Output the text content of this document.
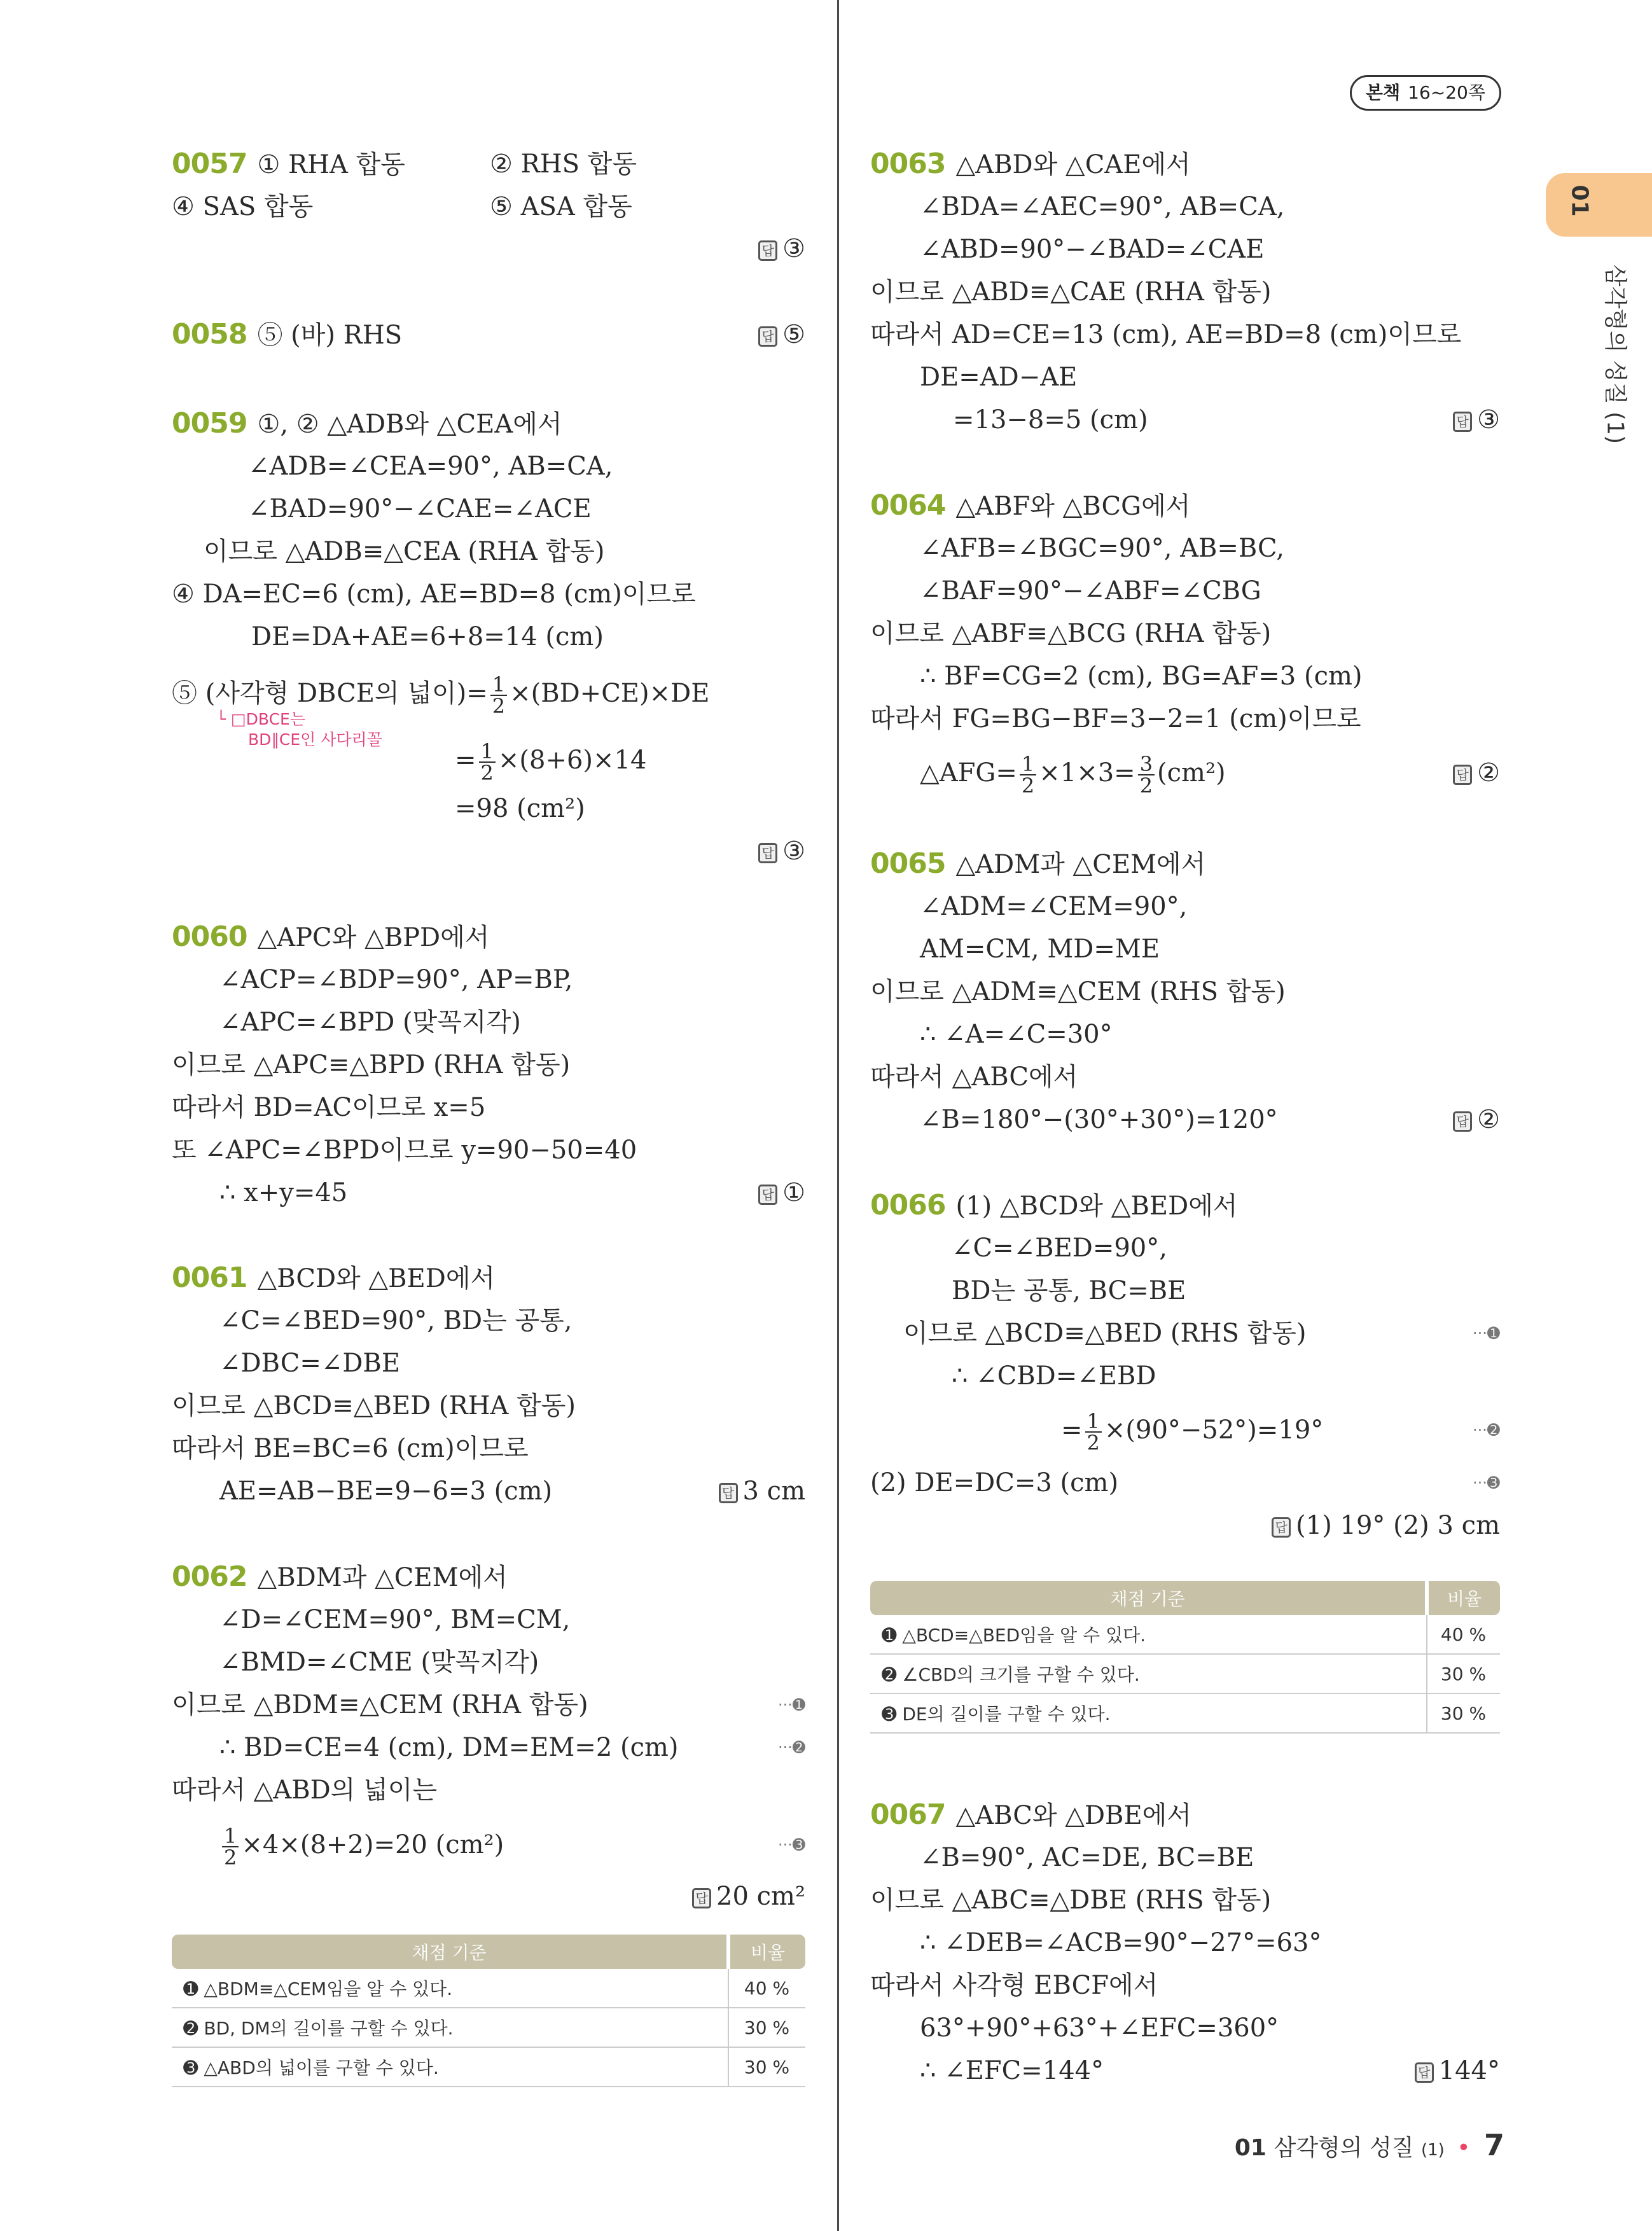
본책 16~20쪽
01
삼각형의 성질 (1)
0057 ① RHA 합동	② RHS 합동
④ SAS 합동	⑤ ASA 합동
답 ③
0058 ⑤ (바) RHS	답 ⑤
0059 ①, ② △ADB와 △CEA에서
∠ADB=∠CEA=90°, AB=CA,
∠BAD=90°−∠CAE=∠ACE
이므로 △ADB≡△CEA (RHA 합동)
④ DA=EC=6 (cm), AE=BD=8 (cm)이므로
DE=DA+AE=6+8=14 (cm)
⑤ (사각형 DBCE의 넓이)= $\frac{1}{2} \times(BD+CE)\times DE$
└ □DBCE는
BD∥CE인 사다리꼴
= $\frac{1}{2} \times(8+6)\times 14$
=98 (cm²)
답 ③
0060 △APC와 △BPD에서
∠ACP=∠BDP=90°, AP=BP,
∠APC=∠BPD (맞꼭지각)
이므로 △APC≡△BPD (RHA 합동)
따라서 BD=AC이므로 x=5
또 ∠APC=∠BPD이므로 y=90−50=40
∴ x+y=45	답 ①
0061 △BCD와 △BED에서
∠C=∠BED=90°, BD는 공통,
∠DBC=∠DBE
이므로 △BCD≡△BED (RHA 합동)
따라서 BE=BC=6 (cm)이므로
AE=AB−BE=9−6=3 (cm)	답 3 cm
0062 △BDM과 △CEM에서
∠D=∠CEM=90°, BM=CM,
∠BMD=∠CME (맞꼭지각)
이므로 △BDM≡△CEM (RHA 합동)	···➊
∴ BD=CE=4 (cm), DM=EM=2 (cm)	···➋
따라서 △ABD의 넓이는
$\frac{1}{2} \times 4\times(8+2)=20$ (cm²)	···➌
답 20 cm²
채점 기준	비율
➊ △BDM≡△CEM임을 알 수 있다.	40 %
➋ BD, DM의 길이를 구할 수 있다.	30 %
➌ △ABD의 넓이를 구할 수 있다.	30 %
0063 △ABD와 △CAE에서
∠BDA=∠AEC=90°, AB=CA,
∠ABD=90°−∠BAD=∠CAE
이므로 △ABD≡△CAE (RHA 합동)
따라서 AD=CE=13 (cm), AE=BD=8 (cm)이므로
DE=AD−AE
=13−8=5 (cm)	답 ③
0064 △ABF와 △BCG에서
∠AFB=∠BGC=90°, AB=BC,
∠BAF=90°−∠ABF=∠CBG
이므로 △ABF≡△BCG (RHA 합동)
∴ BF=CG=2 (cm), BG=AF=3 (cm)
따라서 FG=BG−BF=3−2=1 (cm)이므로
△AFG= $\frac{1}{2} \times 1\times 3= \frac{3}{2} (cm^2)$	답 ②
0065 △ADM과 △CEM에서
∠ADM=∠CEM=90°,
AM=CM, MD=ME
이므로 △ADM≡△CEM (RHS 합동)
∴ ∠A=∠C=30°
따라서 △ABC에서
∠B=180°−(30°+30°)=120°	답 ②
0066 (1) △BCD와 △BED에서
∠C=∠BED=90°,
BD는 공통, BC=BE
이므로 △BCD≡△BED (RHS 합동)	···➊
∴ ∠CBD=∠EBD
= $\frac{1}{2} \times(90^\circ-52^\circ)=19^\circ$	···➋
(2) DE=DC=3 (cm)	···➌
답 (1) 19° (2) 3 cm
채점 기준	비율
➊ △BCD≡△BED임을 알 수 있다.	40 %
➋ ∠CBD의 크기를 구할 수 있다.	30 %
➌ DE의 길이를 구할 수 있다.	30 %
0067 △ABC와 △DBE에서
∠B=90°, AC=DE, BC=BE
이므로 △ABC≡△DBE (RHS 합동)
∴ ∠DEB=∠ACB=90°−27°=63°
따라서 사각형 EBCF에서
63°+90°+63°+∠EFC=360°
∴ ∠EFC=144°	답 144°
01 삼각형의 성질 (1) • 7
